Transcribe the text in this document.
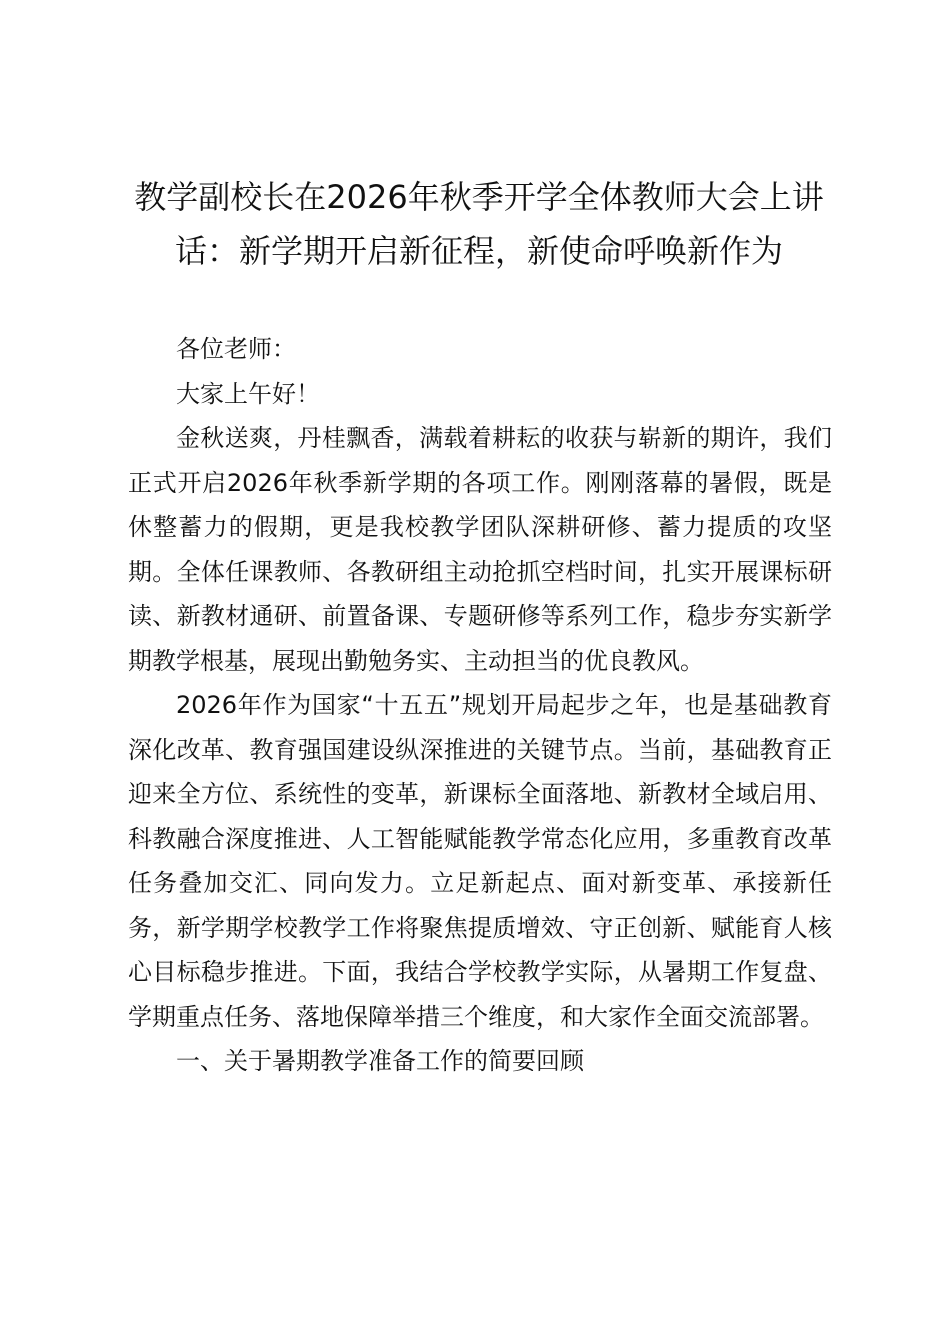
教学副校长在2026年秋季开学全体教师大会上讲话：新学期开启新征程，新使命呼唤新作为

各位老师：

大家上午好！

金秋送爽，丹桂飘香，满载着耕耘的收获与崭新的期许，我们正式开启2026年秋季新学期的各项工作。刚刚落幕的暑假，既是休整蓄力的假期，更是我校教学团队深耕研修、蓄力提质的攻坚期。全体任课教师、各教研组主动抢抓空档时间，扎实开展课标研读、新教材通研、前置备课、专题研修等系列工作，稳步夯实新学期教学根基，展现出勤勉务实、主动担当的优良教风。

2026年作为国家“十五五”规划开局起步之年，也是基础教育深化改革、教育强国建设纵深推进的关键节点。当前，基础教育正迎来全方位、系统性的变革，新课标全面落地、新教材全域启用、科教融合深度推进、人工智能赋能教学常态化应用，多重教育改革任务叠加交汇、同向发力。立足新起点、面对新变革、承接新任务，新学期学校教学工作将聚焦提质增效、守正创新、赋能育人核心目标稳步推进。下面，我结合学校教学实际，从暑期工作复盘、学期重点任务、落地保障举措三个维度，和大家作全面交流部署。

一、关于暑期教学准备工作的简要回顾
